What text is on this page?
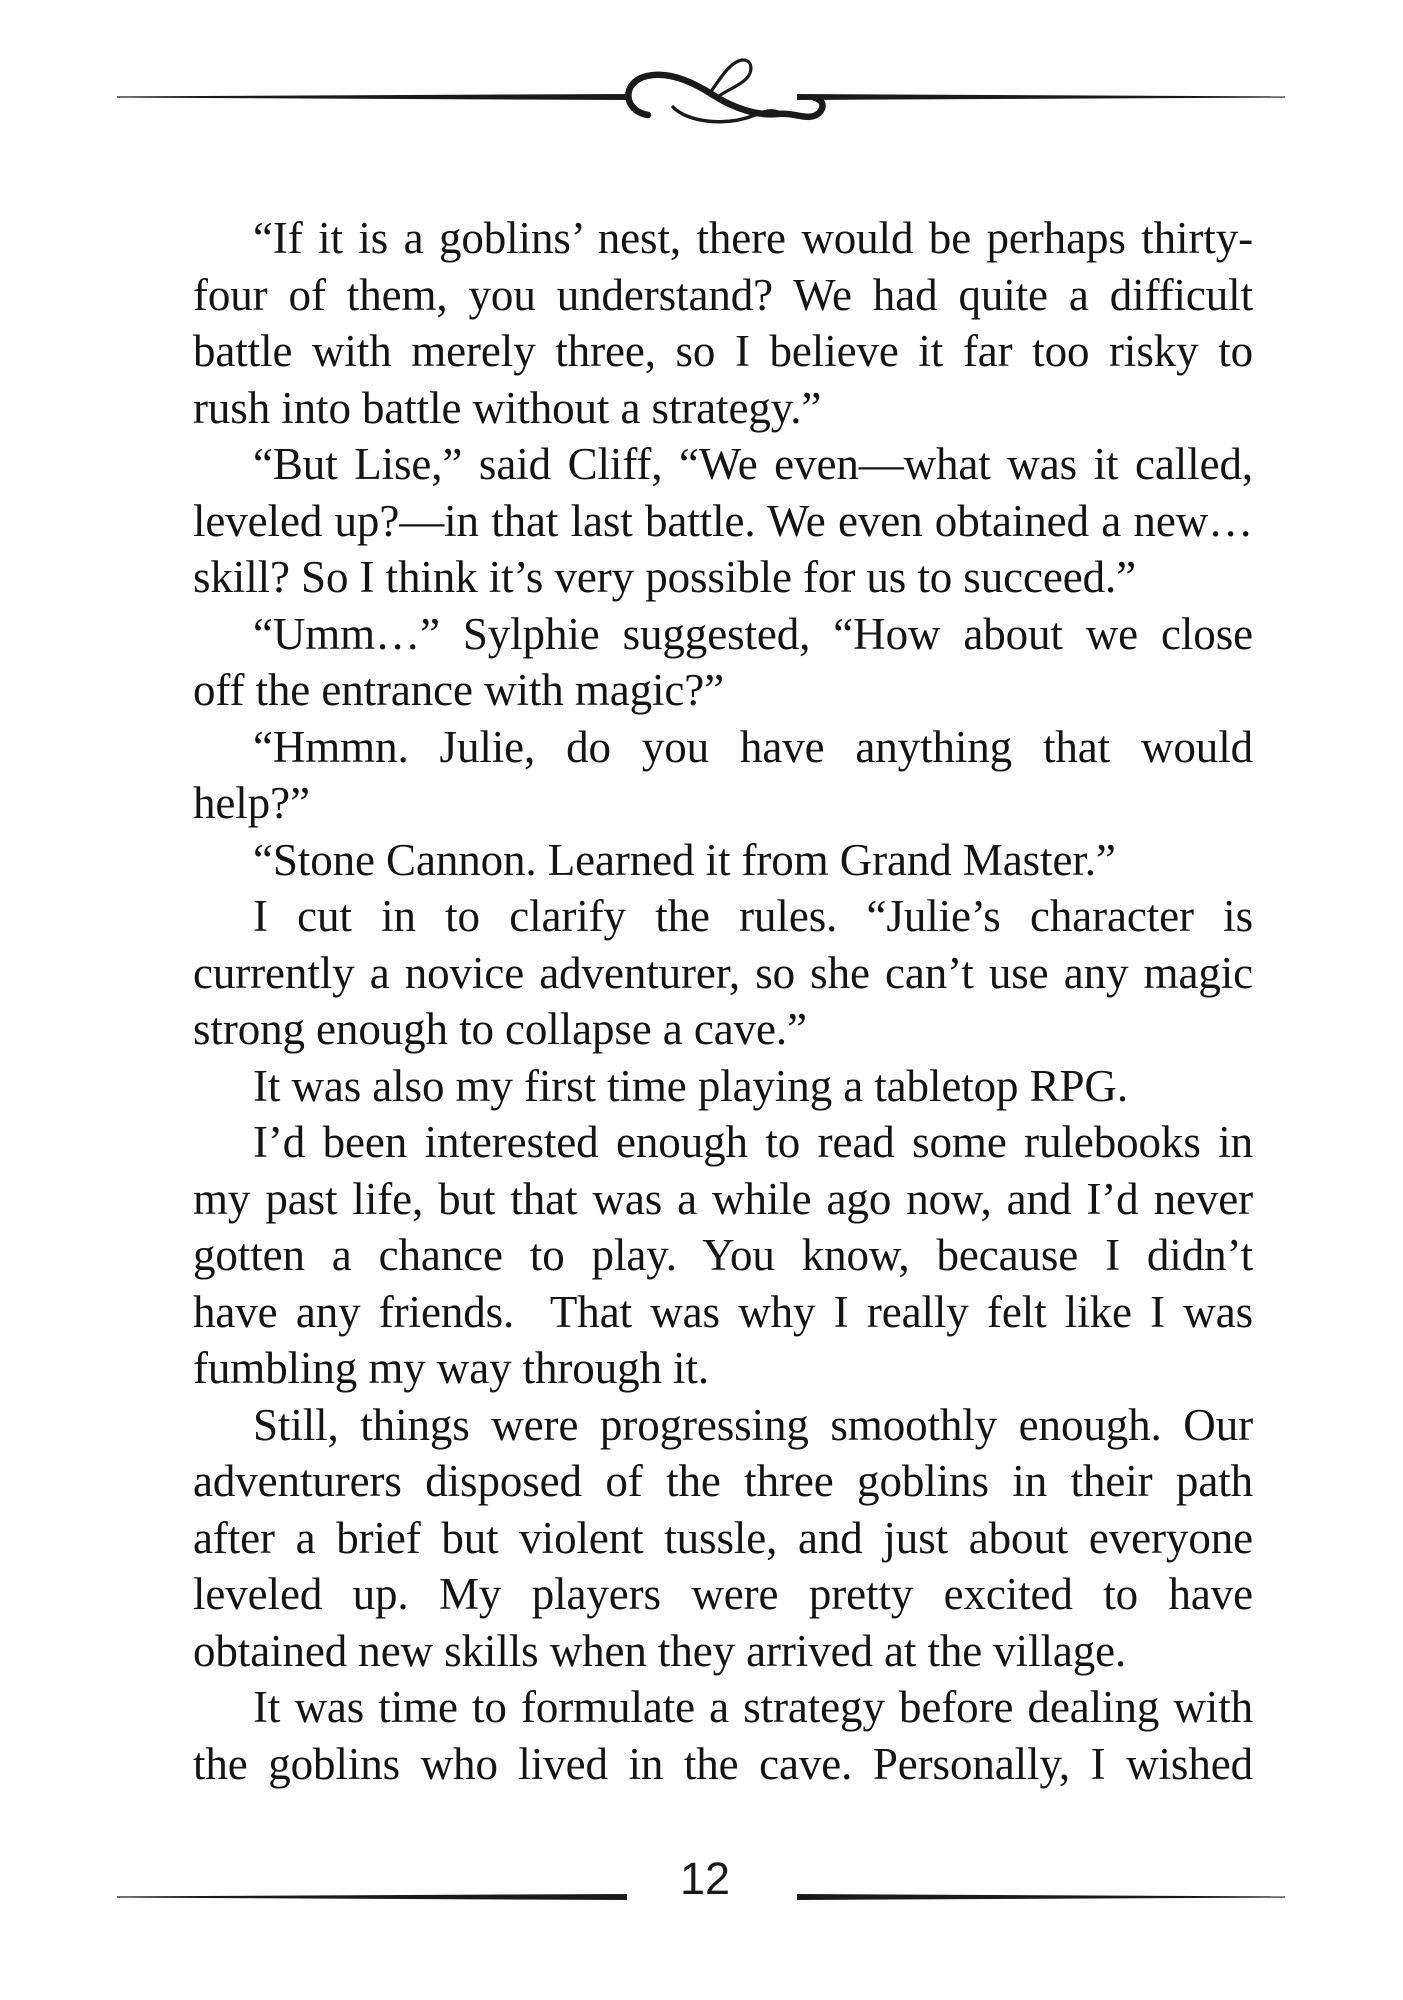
“If it is a goblins’ nest, there would be perhaps thirty-
four of them, you understand? We had quite a difficult
battle with merely three, so I believe it far too risky to
rush into battle without a strategy.”
“But Lise,” said Cliff, “We even—what was it called,
leveled up?—in that last battle. We even obtained a new…
skill? So I think it’s very possible for us to succeed.”
“Umm…” Sylphie suggested, “How about we close
off the entrance with magic?”
“Hmmn. Julie, do you have anything that would
help?”
“Stone Cannon. Learned it from Grand Master.”
I cut in to clarify the rules. “Julie’s character is
currently a novice adventurer, so she can’t use any magic
strong enough to collapse a cave.”
It was also my first time playing a tabletop RPG.
I’d been interested enough to read some rulebooks in
my past life, but that was a while ago now, and I’d never
gotten a chance to play. You know, because I didn’t
have any friends.  That was why I really felt like I was
fumbling my way through it.
Still, things were progressing smoothly enough. Our
adventurers disposed of the three goblins in their path
after a brief but violent tussle, and just about everyone
leveled up. My players were pretty excited to have
obtained new skills when they arrived at the village.
It was time to formulate a strategy before dealing with
the goblins who lived in the cave. Personally, I wished
12
